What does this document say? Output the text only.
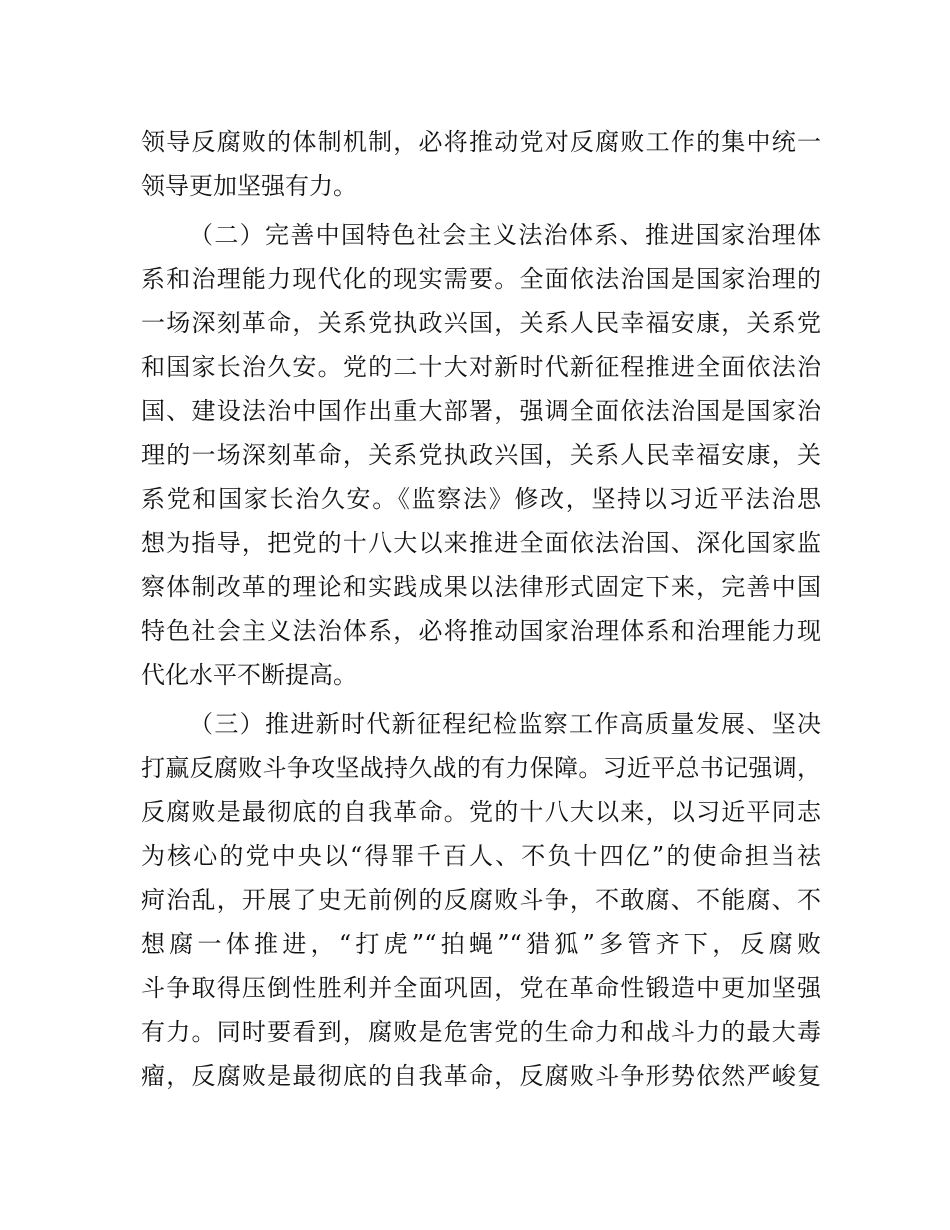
领导反腐败的体制机制，必将推动党对反腐败工作的集中统一
领导更加坚强有力。
（二）完善中国特色社会主义法治体系、推进国家治理体
系和治理能力现代化的现实需要。全面依法治国是国家治理的
一场深刻革命，关系党执政兴国，关系人民幸福安康，关系党
和国家长治久安。党的二十大对新时代新征程推进全面依法治
国、建设法治中国作出重大部署，强调全面依法治国是国家治
理的一场深刻革命，关系党执政兴国，关系人民幸福安康，关
系党和国家长治久安。《监察法》修改，坚持以习近平法治思
想为指导，把党的十八大以来推进全面依法治国、深化国家监
察体制改革的理论和实践成果以法律形式固定下来，完善中国
特色社会主义法治体系，必将推动国家治理体系和治理能力现
代化水平不断提高。
（三）推进新时代新征程纪检监察工作高质量发展、坚决
打赢反腐败斗争攻坚战持久战的有力保障。习近平总书记强调，
反腐败是最彻底的自我革命。党的十八大以来，以习近平同志
为核心的党中央以“得罪千百人、不负十四亿”的使命担当祛
疴治乱，开展了史无前例的反腐败斗争，不敢腐、不能腐、不
想腐一体推进，“打虎”“拍蝇”“猎狐”多管齐下，反腐败
斗争取得压倒性胜利并全面巩固，党在革命性锻造中更加坚强
有力。同时要看到，腐败是危害党的生命力和战斗力的最大毒
瘤，反腐败是最彻底的自我革命，反腐败斗争形势依然严峻复
